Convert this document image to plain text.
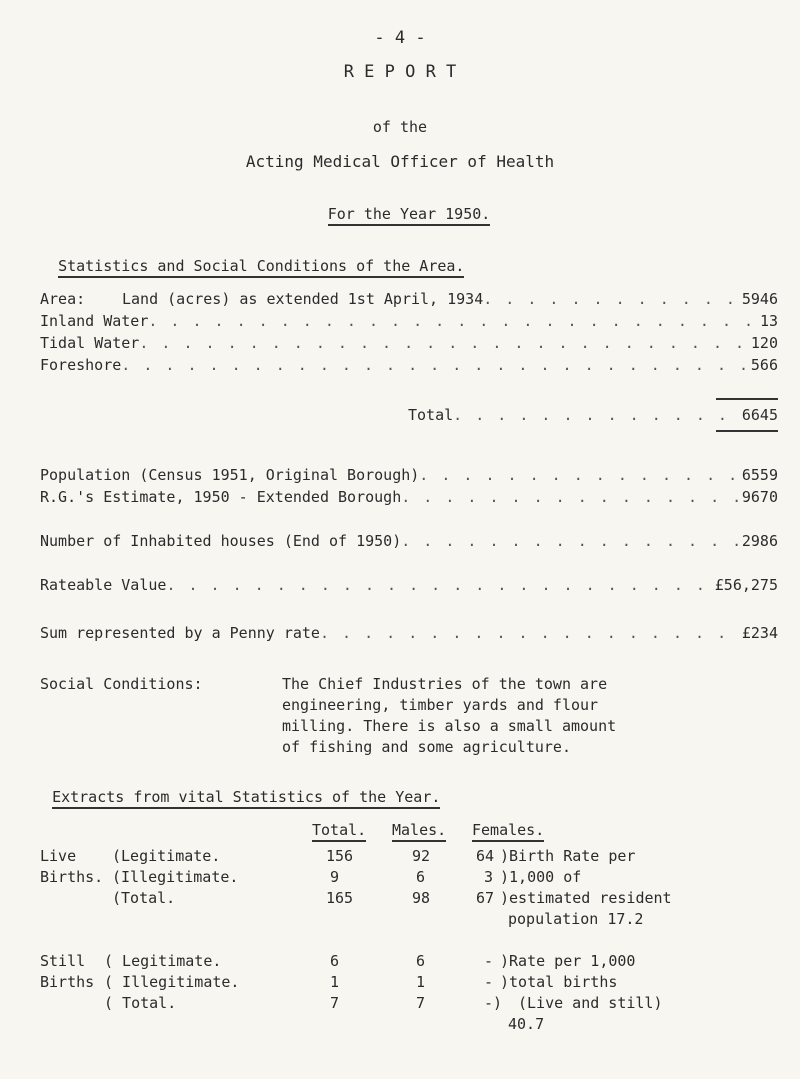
- 4 -
R E P O R T
of the
Acting Medical Officer of Health

For the Year 1950.

Statistics and Social Conditions of the Area.

Area: Land (acres) as extended 1st April, 1934 . . .	5946
Inland Water . . .	13
Tidal Water . . .	120
Foreshore . . .	566
Total . . .	6645
Population (Census 1951, Original Borough) . . .	6559
R.G.'s Estimate, 1950 - Extended Borough . . .	9670
Number of Inhabited houses (End of 1950) . . .	2986
Rateable Value . . .	£56,275
Sum represented by a Penny rate . . .	£234
Social Conditions:	The Chief Industries of the town are
engineering, timber yards and flour
milling. There is also a small amount
of fishing and some agriculture.

Extracts from vital Statistics of the Year.

Total. Males. Females.
Live (Legitimate.	156	92	64 )Birth Rate per
Births. (Illegitimate.	9	6	3 )1,000 of
(Total.	165	98	67 )estimated resident
population 17.2
Still ( Legitimate.	6	6	- )Rate per 1,000
Births ( Illegitimate.	1	1	- )total births
( Total.	7	7	-) (Live and still)
40.7
